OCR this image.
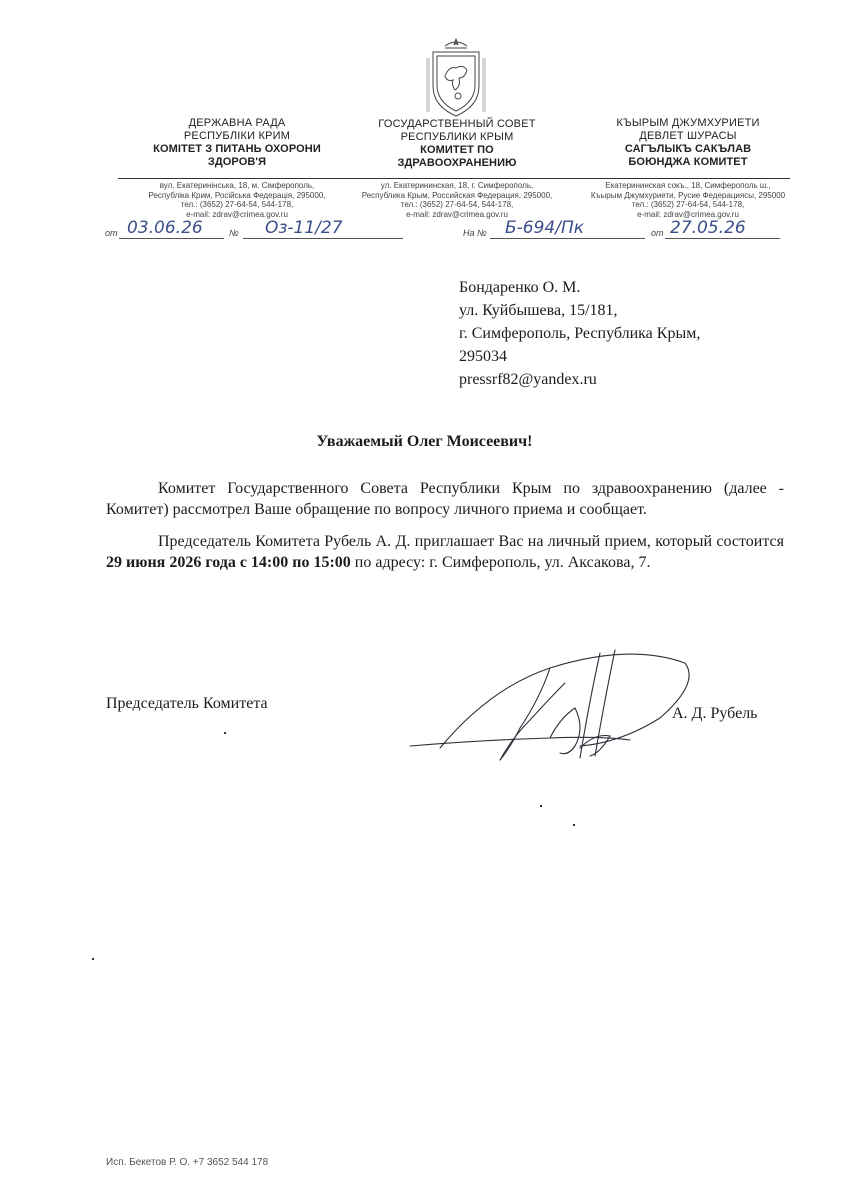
ДЕРЖАВНА РАДА
РЕСПУБЛІКИ КРИМ
КОМІТЕТ З ПИТАНЬ ОХОРОНИ
ЗДОРОВ'Я
ГОСУДАРСТВЕННЫЙ СОВЕТ
РЕСПУБЛИКИ КРЫМ
КОМИТЕТ ПО
ЗДРАВООХРАНЕНИЮ
КЪЫРЫМ ДЖУМХУРИЕТИ
ДЕВЛЕТ ШУРАСЫ
САГЪЛЫКЪ САКЪЛАВ
БОЮНДЖА КОМИТЕТ
вул. Екатеринінська, 18, м. Сімферополь,
Республіка Крим, Російська Федерація, 295000,
тел.: (3652) 27-64-54, 544-178,
e-mail: zdrav@crimea.gov.ru
ул. Екатерининская, 18, г. Симферополь,
Республика Крым, Российская Федерация, 295000,
тел.: (3652) 27-64-54, 544-178,
e-mail: zdrav@crimea.gov.ru
Екатерининская сокъ., 18, Симферополь ш.,
Къырым Джумхуриети, Русие Федерациясы, 295000
тел.: (3652) 27-64-54, 544-178,
e-mail: zdrav@crimea.gov.ru
от 03.06.26	№ Оз-11/27	На № Б-694/Пк	от 27.05.26
Бондаренко О. М.
ул. Куйбышева, 15/181,
г. Симферополь, Республика Крым,
295034
pressrf82@yandex.ru
Уважаемый Олег Моисеевич!

Комитет Государственного Совета Республики Крым по здравоохранению (далее - Комитет) рассмотрел Ваше обращение по вопросу личного приема и сообщает.

Председатель Комитета Рубель А. Д. приглашает Вас на личный прием, который состоится 29 июня 2026 года с 14:00 по 15:00 по адресу: г. Симферополь, ул. Аксакова, 7.

Председатель Комитета
А. Д. Рубель
Исп. Бекетов Р. О. +7 3652 544 178
